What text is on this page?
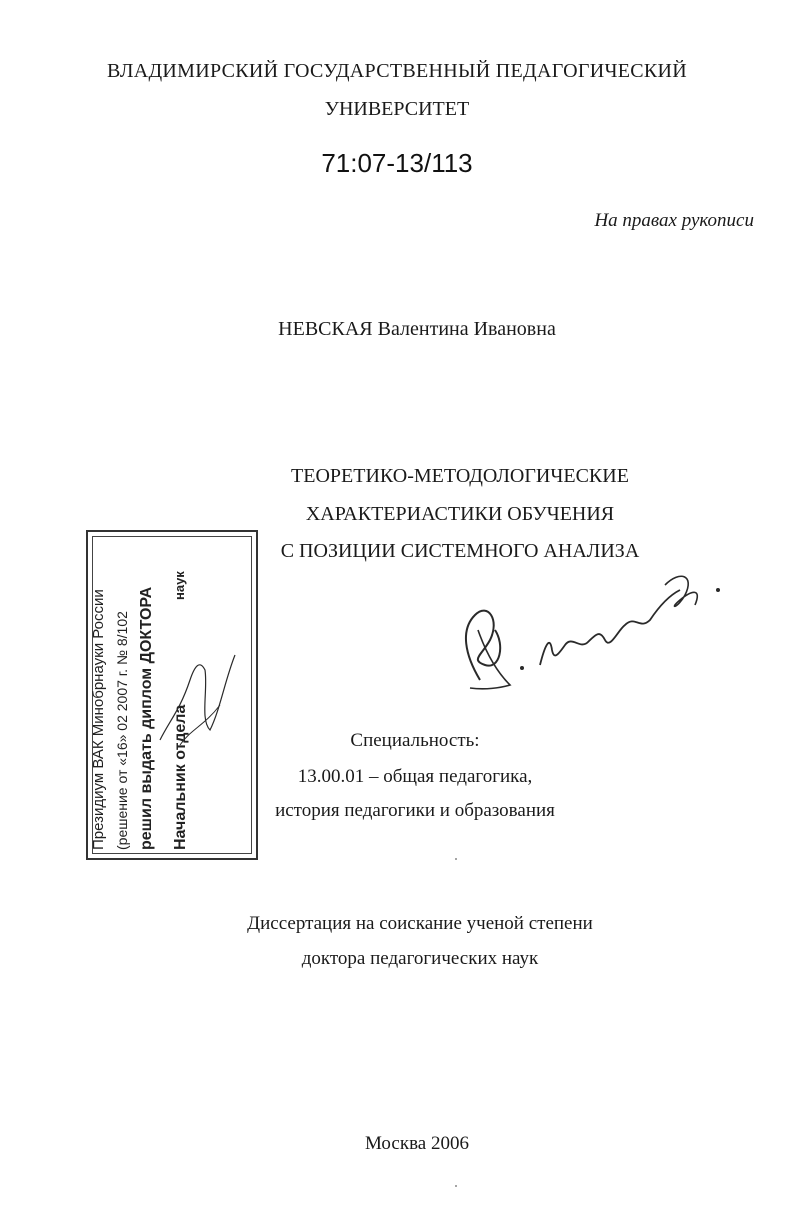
ВЛАДИМИРСКИЙ ГОСУДАРСТВЕННЫЙ ПЕДАГОГИЧЕСКИЙ
УНИВЕРСИТЕТ
71:07-13/113
На правах рукописи
НЕВСКАЯ Валентина Ивановна
ТЕОРЕТИКО-МЕТОДОЛОГИЧЕСКИЕ
ХАРАКТЕРИАСТИКИ ОБУЧЕНИЯ
С ПОЗИЦИИ СИСТЕМНОГО АНАЛИЗА
Президиум ВАК Минобрнауки России (решение от «16» 02 2007 г. № 8/102 решил выдать диплом ДОКТОРА Начальник отдела
наук
Специальность:
13.00.01 – общая педагогика,
история педагогики и образования
Диссертация на соискание ученой степени
доктора педагогических наук
Москва 2006
